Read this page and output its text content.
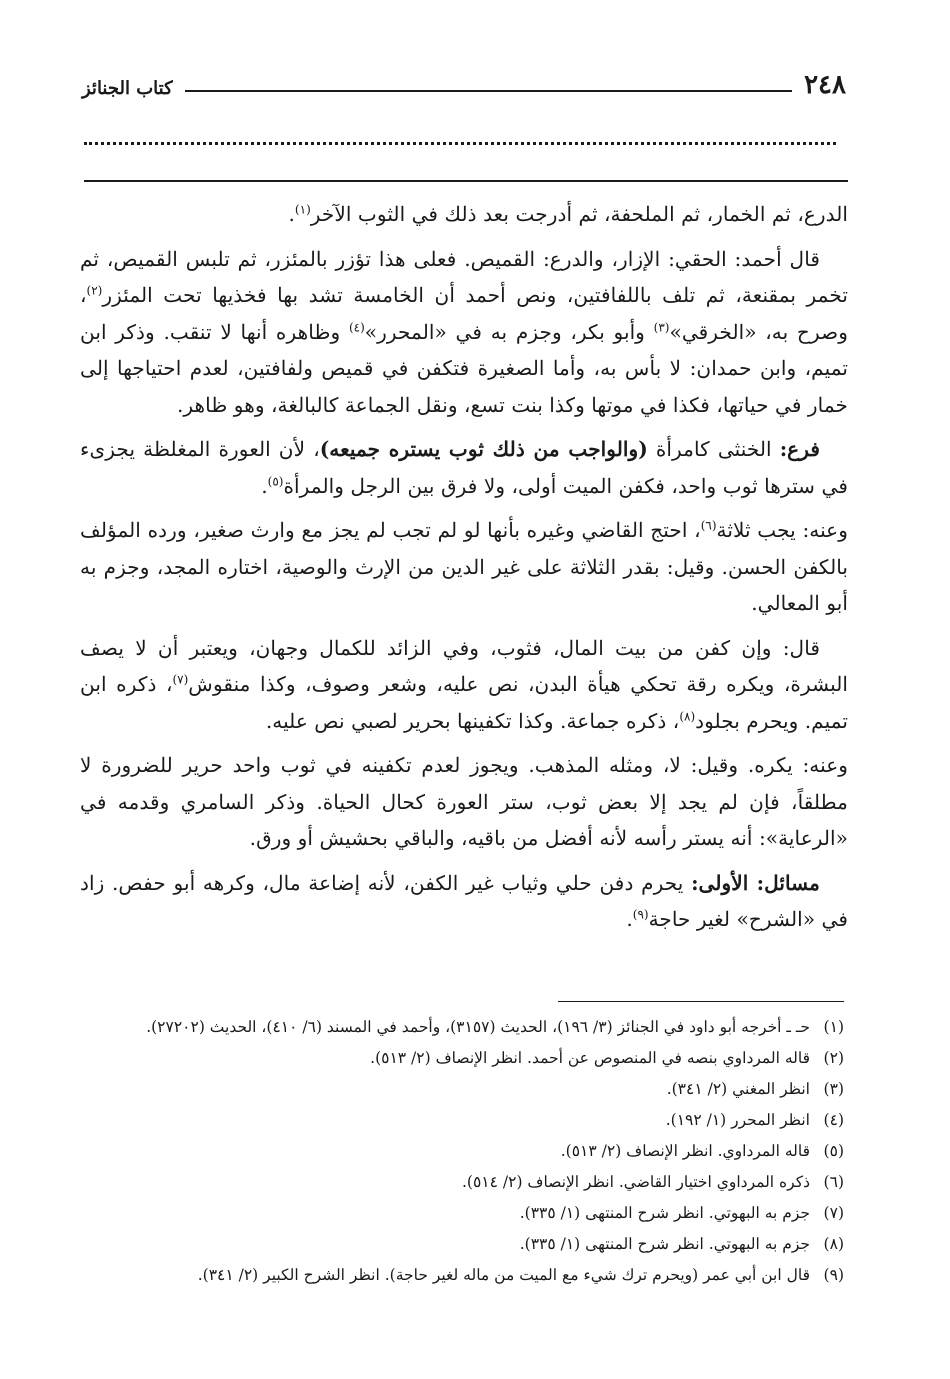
٢٤٨
كتاب الجنائز

الدرع، ثم الخمار، ثم الملحفة، ثم أدرجت بعد ذلك في الثوب الآخر$^{(١)}$.

قال أحمد: الحقي: الإزار، والدرع: القميص. فعلى هذا تؤزر بالمئزر، ثم تلبس القميص، ثم تخمر بمقنعة، ثم تلف باللفافتين، ونص أحمد أن الخامسة تشد بها فخذيها تحت المئزر$^{(٢)}$، وصرح به، «الخرقي»$^{(٣)}$ وأبو بكر، وجزم به في «المحرر»$^{(٤)}$ وظاهره أنها لا تنقب. وذكر ابن تميم، وابن حمدان: لا بأس به، وأما الصغيرة فتكفن في قميص ولفافتين، لعدم احتياجها إلى خمار في حياتها، فكذا في موتها وكذا بنت تسع، ونقل الجماعة كالبالغة، وهو ظاهر.

فرع: الخنثى كامرأة (والواجب من ذلك ثوب يستره جميعه)، لأن العورة المغلظة يجزىء في سترها ثوب واحد، فكفن الميت أولى، ولا فرق بين الرجل والمرأة$^{(٥)}$.

وعنه: يجب ثلاثة$^{(٦)}$، احتج القاضي وغيره بأنها لو لم تجب لم يجز مع وارث صغير، ورده المؤلف بالكفن الحسن. وقيل: بقدر الثلاثة على غير الدين من الإرث والوصية، اختاره المجد، وجزم به أبو المعالي.

قال: وإن كفن من بيت المال، فثوب، وفي الزائد للكمال وجهان، ويعتبر أن لا يصف البشرة، ويكره رقة تحكي هيأة البدن، نص عليه، وشعر وصوف، وكذا منقوش$^{(٧)}$، ذكره ابن تميم. ويحرم بجلود$^{(٨)}$، ذكره جماعة. وكذا تكفينها بحرير لصبي نص عليه.

وعنه: يكره. وقيل: لا، ومثله المذهب. ويجوز لعدم تكفينه في ثوب واحد حرير للضرورة لا مطلقاً، فإن لم يجد إلا بعض ثوب، ستر العورة كحال الحياة. وذكر السامري وقدمه في «الرعاية»: أنه يستر رأسه لأنه أفضل من باقيه، والباقي بحشيش أو ورق.

مسائل: الأولى: يحرم دفن حلي وثياب غير الكفن، لأنه إضاعة مال، وكرهه أبو حفص. زاد في «الشرح» لغير حاجة$^{(٩)}$.

(١)
حـ ـ أخرجه أبو داود في الجنائز (٣/ ١٩٦)، الحديث (٣١٥٧)، وأحمد في المسند (٦/ ٤١٠)، الحديث (٢٧٢٠٢).
(٢)
قاله المرداوي بنصه في المنصوص عن أحمد. انظر الإنصاف (٢/ ٥١٣).
(٣)
انظر المغني (٢/ ٣٤١).
(٤)
انظر المحرر (١/ ١٩٢).
(٥)
قاله المرداوي. انظر الإنصاف (٢/ ٥١٣).
(٦)
ذكره المرداوي اختيار القاضي. انظر الإنصاف (٢/ ٥١٤).
(٧)
جزم به البهوتي. انظر شرح المنتهى (١/ ٣٣٥).
(٨)
جزم به البهوتي. انظر شرح المنتهى (١/ ٣٣٥).
(٩)
قال ابن أبي عمر (ويحرم ترك شيء مع الميت من ماله لغير حاجة). انظر الشرح الكبير (٢/ ٣٤١).
